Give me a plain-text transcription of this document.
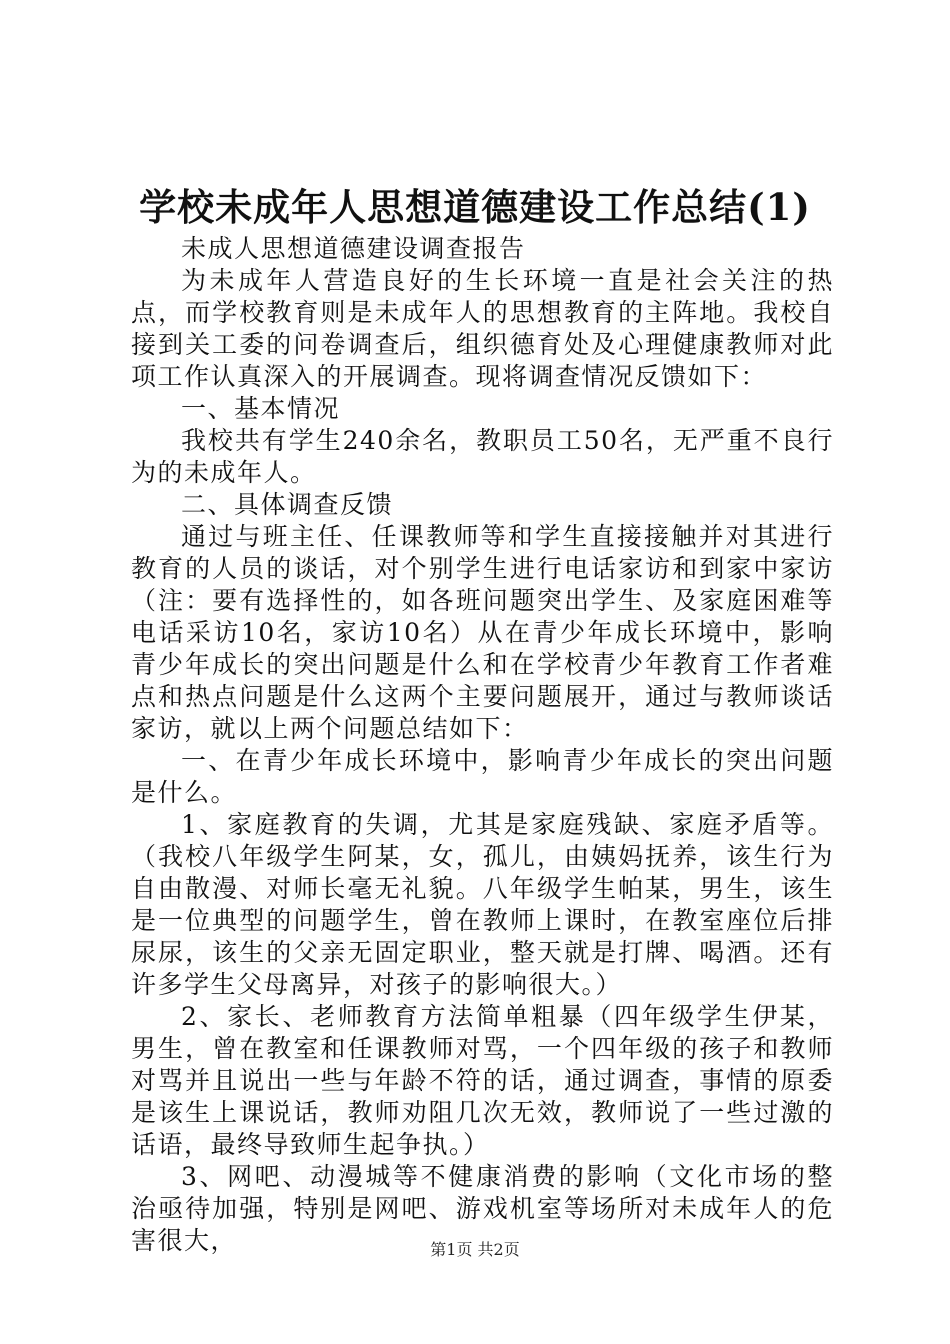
学校未成年人思想道德建设工作总结(1)

未成人思想道德建设调查报告

为未成年人营造良好的生长环境一直是社会关注的热点，而学校教育则是未成年人的思想教育的主阵地。我校自接到关工委的问卷调查后，组织德育处及心理健康教师对此项工作认真深入的开展调查。现将调查情况反馈如下：

一、基本情况

我校共有学生240余名，教职员工50名，无严重不良行为的未成年人。

二、具体调查反馈

通过与班主任、任课教师等和学生直接接触并对其进行教育的人员的谈话，对个别学生进行电话家访和到家中家访（注：要有选择性的，如各班问题突出学生、及家庭困难等电话采访10名，家访10名）从在青少年成长环境中，影响青少年成长的突出问题是什么和在学校青少年教育工作者难点和热点问题是什么这两个主要问题展开，通过与教师谈话家访，就以上两个问题总结如下：

一、在青少年成长环境中，影响青少年成长的突出问题是什么。

1、家庭教育的失调，尤其是家庭残缺、家庭矛盾等。（我校八年级学生阿某，女，孤儿，由姨妈抚养，该生行为自由散漫、对师长毫无礼貌。八年级学生帕某，男生，该生是一位典型的问题学生，曾在教师上课时，在教室座位后排尿尿，该生的父亲无固定职业，整天就是打牌、喝酒。还有许多学生父母离异，对孩子的影响很大。）

2、家长、老师教育方法简单粗暴（四年级学生伊某，男生，曾在教室和任课教师对骂，一个四年级的孩子和教师对骂并且说出一些与年龄不符的话，通过调查，事情的原委是该生上课说话，教师劝阻几次无效，教师说了一些过激的话语，最终导致师生起争执。）

3、网吧、动漫城等不健康消费的影响（文化市场的整治亟待加强，特别是网吧、游戏机室等场所对未成年人的危害很大，	第1页 共2页
